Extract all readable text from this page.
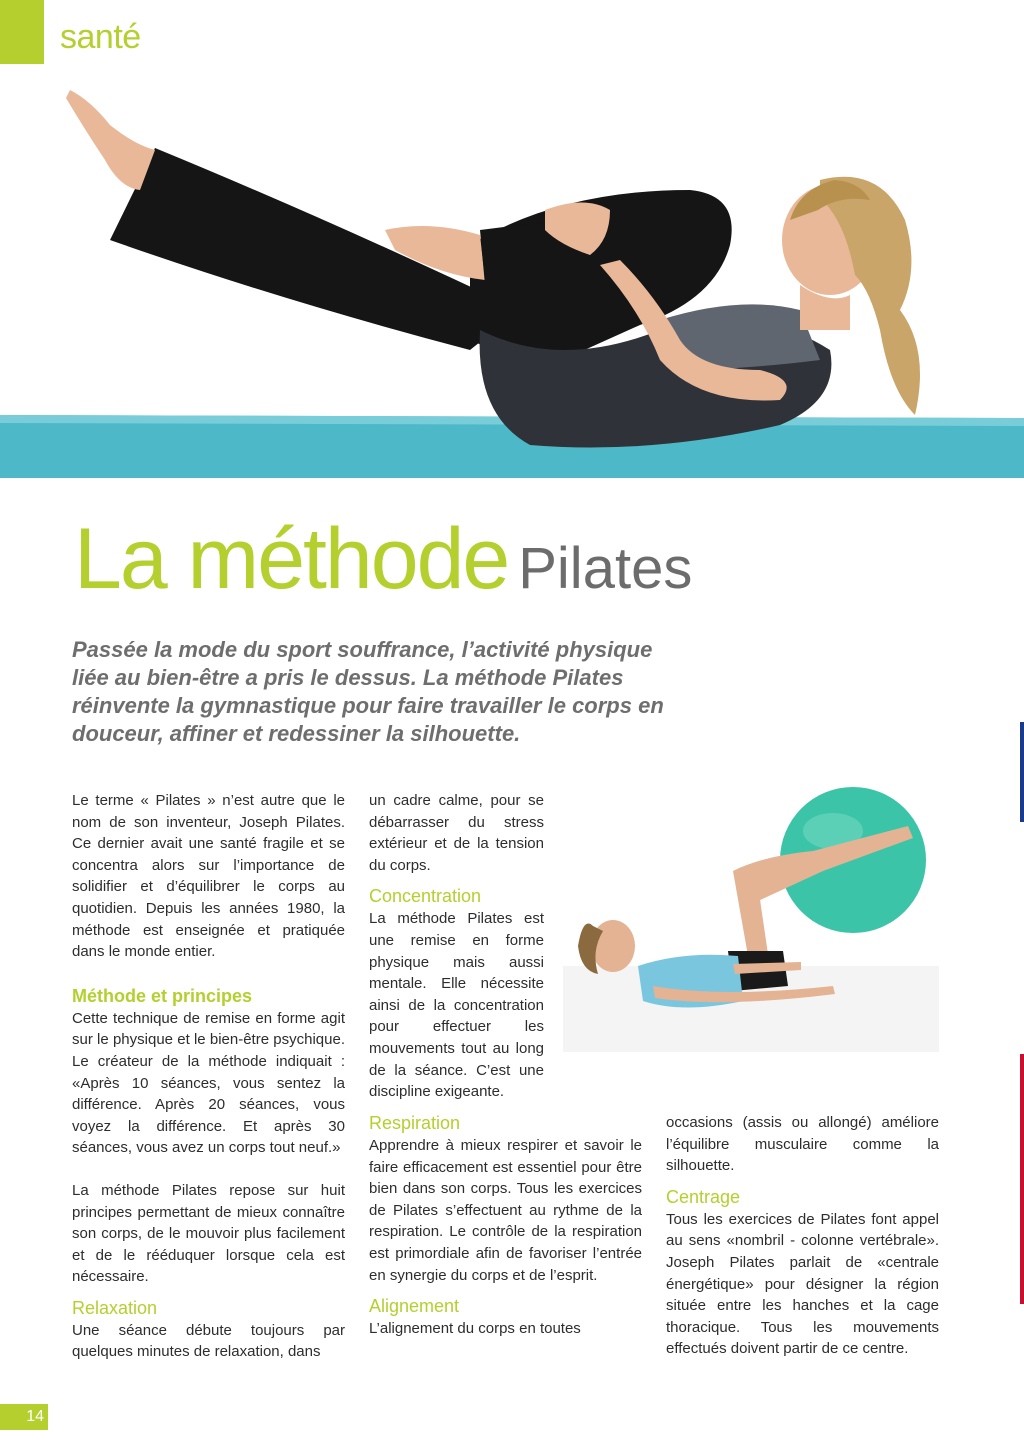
santé
La méthode Pilates
Passée la mode du sport souffrance, l’activité physique liée au bien-être a pris le dessus. La méthode Pilates réinvente la gymnastique pour faire travailler le corps en douceur, affiner et redessiner la silhouette.

Le terme « Pilates » n’est autre que le nom de son inventeur, Joseph Pilates. Ce dernier avait une santé fragile et se concentra alors sur l’importance de solidifier et d’équilibrer le corps au quotidien. Depuis les années 1980, la méthode est enseignée et pratiquée dans le monde entier.

Méthode et principes

Cette technique de remise en forme agit sur le physique et le bien-être psychique. Le créateur de la méthode indiquait : «Après 10 séances, vous sentez la différence. Après 20 séances, vous voyez la différence. Et après 30 séances, vous avez un corps tout neuf.»

La méthode Pilates repose sur huit principes permettant de mieux connaître son corps, de le mouvoir plus facilement et de le rééduquer lorsque cela est nécessaire.

Relaxation

Une séance débute toujours par quelques minutes de relaxation, dans

un cadre calme, pour se débarrasser du stress extérieur et de la tension du corps.

Concentration

La méthode Pilates est une remise en forme physique mais aussi mentale. Elle nécessite ainsi de la concentration pour effectuer les mouvements tout au long de la séance. C’est une discipline exigeante.

Respiration

Apprendre à mieux respirer et savoir le faire efficacement est essentiel pour être bien dans son corps. Tous les exercices de Pilates s’effectuent au rythme de la respiration. Le contrôle de la respiration est primordiale afin de favoriser l’entrée en synergie du corps et de l’esprit.

Alignement

L’alignement du corps en toutes

occasions (assis ou allongé) améliore l’équilibre musculaire comme la silhouette.

Centrage

Tous les exercices de Pilates font appel au sens «nombril - colonne vertébrale». Joseph Pilates parlait de «centrale énergétique» pour désigner la région située entre les hanches et la cage thoracique. Tous les mouvements effectués doivent partir de ce centre.

14
